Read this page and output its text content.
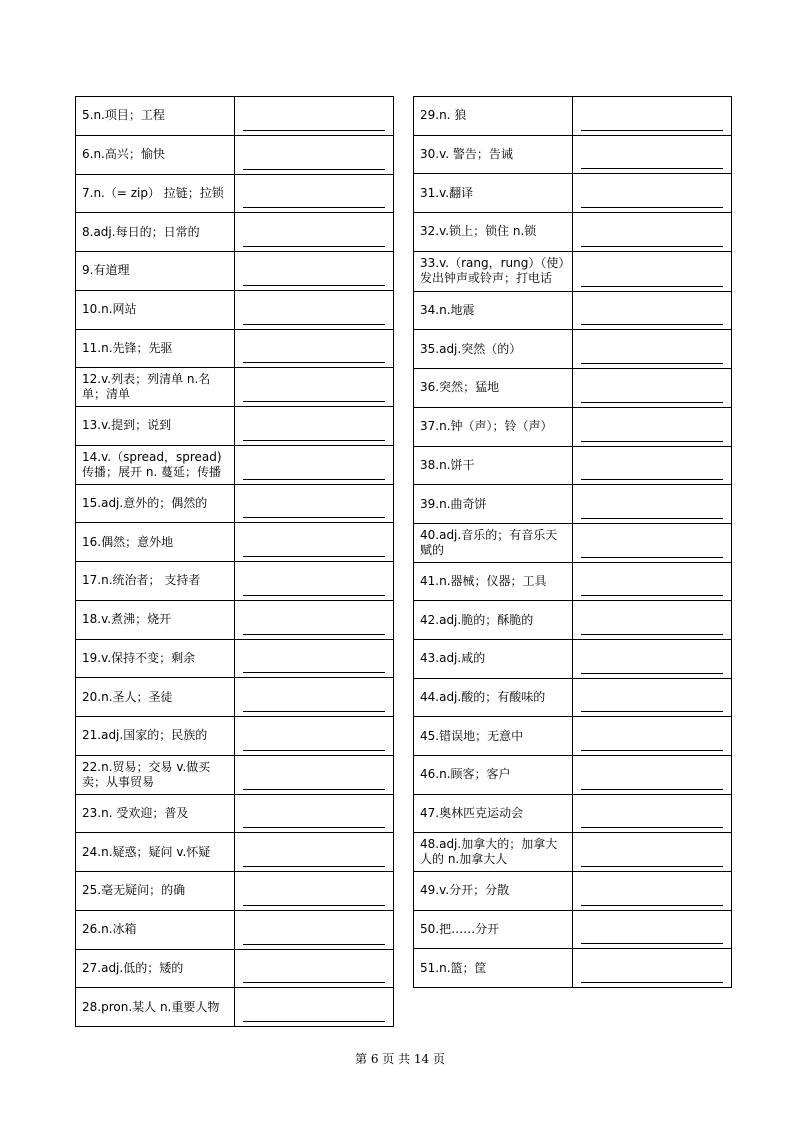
5.n.项目；工程	

6.n.高兴；愉快	

7.n.（= zip） 拉链；拉锁	

8.adj.每日的；日常的	

9.有道理	

10.n.网站	

11.n.先锋；先驱	

12.v.列表；列清单 n.名单；清单	

13.v.提到；说到	

14.v.（spread，spread)传播；展开 n. 蔓延；传播	

15.adj.意外的；偶然的	

16.偶然；意外地	

17.n.统治者； 支持者	

18.v.煮沸；烧开	

19.v.保持不变；剩余	

20.n.圣人；圣徒	

21.adj.国家的；民族的	

22.n.贸易；交易 v.做买卖；从事贸易	

23.n. 受欢迎；普及	

24.n.疑惑；疑问 v.怀疑	

25.毫无疑问；的确	

26.n.冰箱	

27.adj.低的；矮的	

28.pron.某人 n.重要人物	
29.n. 狼	

30.v. 警告；告诫	

31.v.翻译	

32.v.锁上；锁住 n.锁	

33.v.（rang，rung）（使）发出钟声或铃声；打电话	

34.n.地震	

35.adj.突然（的）	

36.突然；猛地	

37.n.钟（声）；铃（声）	

38.n.饼干	

39.n.曲奇饼	

40.adj.音乐的；有音乐天赋的	

41.n.器械；仪器；工具	

42.adj.脆的；酥脆的	

43.adj.咸的	

44.adj.酸的；有酸味的	

45.错误地；无意中	

46.n.顾客；客户	

47.奥林匹克运动会	

48.adj.加拿大的；加拿大人的 n.加拿大人	

49.v.分开；分散	

50.把……分开	

51.n.篮；筐	
第 6 页 共 14 页
